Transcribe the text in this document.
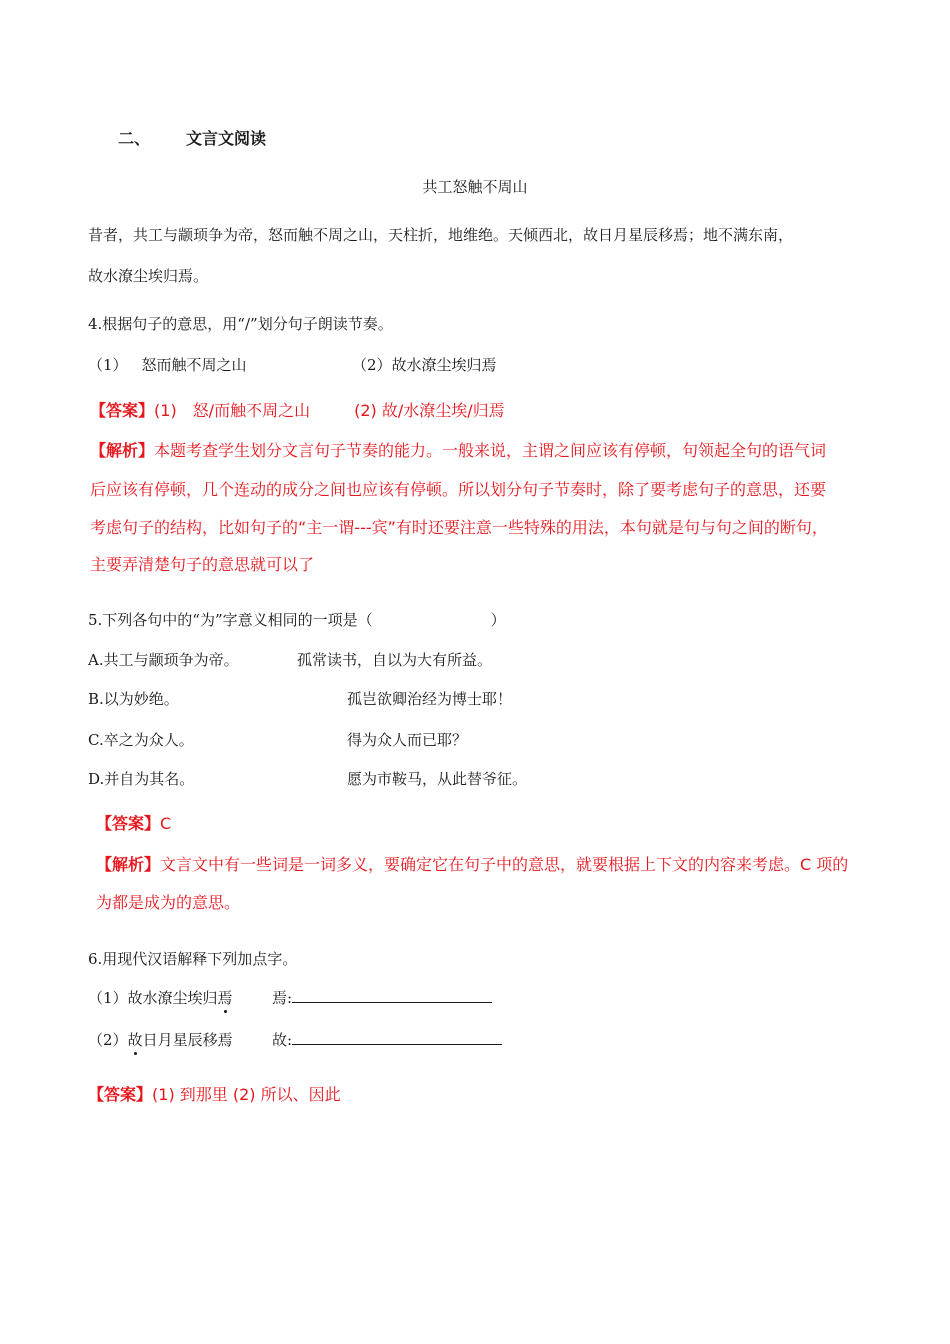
二、 文言文阅读
共工怒触不周山
昔者，共工与颛顼争为帝，怒而触不周之山，天柱折，地维绝。天倾西北，故日月星辰移焉；地不满东南，
故水潦尘埃归焉。
4.根据句子的意思，用“/”划分句子朗读节奏。
（1） 怒而触不周之山	（2）故水潦尘埃归焉
【答案】(1)　怒/而触不周之山	(2) 故/水潦尘埃/归焉
【解析】本题考查学生划分文言句子节奏的能力。一般来说，主谓之间应该有停顿，句领起全句的语气词
后应该有停顿，几个连动的成分之间也应该有停顿。所以划分句子节奏时，除了要考虑句子的意思，还要
考虑句子的结构，比如句子的“主一谓---宾”有时还要注意一些特殊的用法，本句就是句与句之间的断句，
主要弄清楚句子的意思就可以了
5.下列各句中的“为”字意义相同的一项是（	）
A.共工与颛顼争为帝。	孤常读书，自以为大有所益。
B.以为妙绝。	孤岂欲卿治经为博士耶！
C.卒之为众人。	得为众人而已耶？
D.并自为其名。	愿为市鞍马，从此替爷征。
【答案】C
【解析】文言文中有一些词是一词多义，要确定它在句子中的意思，就要根据上下文的内容来考虑。C 项的
为都是成为的意思。
6.用现代汉语解释下列加点字。
（1）故水潦尘埃归焉	焉:
（2）故日月星辰移焉	故:
【答案】(1) 到那里 (2) 所以、因此
